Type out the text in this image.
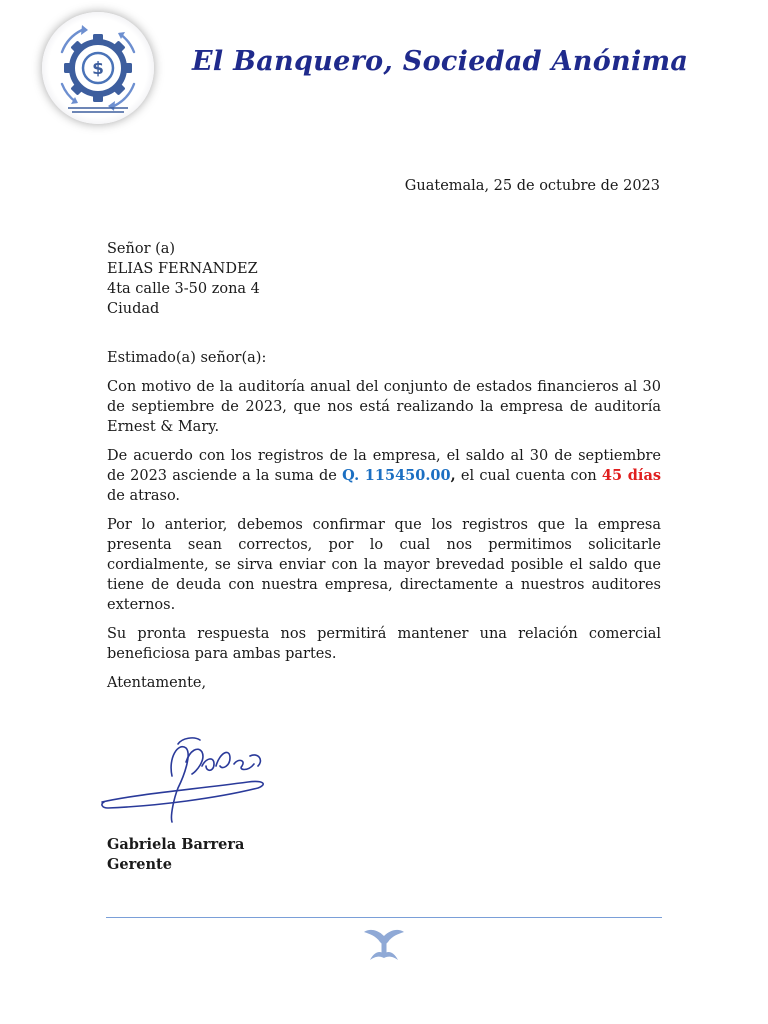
$	El Banquero, Sociedad Anónima
Guatemala, 25 de octubre de 2023
Señor (a)
ELIAS FERNANDEZ
4ta calle 3-50 zona 4
Ciudad

Estimado(a) señor(a):

Con motivo de la auditoría anual del conjunto de estados financieros al 30 de septiembre de 2023, que nos está realizando la empresa de auditoría Ernest & Mary.

De acuerdo con los registros de la empresa, el saldo al 30 de septiembre de 2023 asciende a la suma de Q. 115450.00, el cual cuenta con 45 días de atraso.

Por lo anterior, debemos confirmar que los registros que la empresa presenta sean correctos, por lo cual nos permitimos solicitarle cordialmente, se sirva enviar con la mayor brevedad posible el saldo que tiene de deuda con nuestra empresa, directamente a nuestros auditores externos.

Su pronta respuesta nos permitirá mantener una relación comercial beneficiosa para ambas partes.

Atentamente,

Gabriela Barrera
Gerente
